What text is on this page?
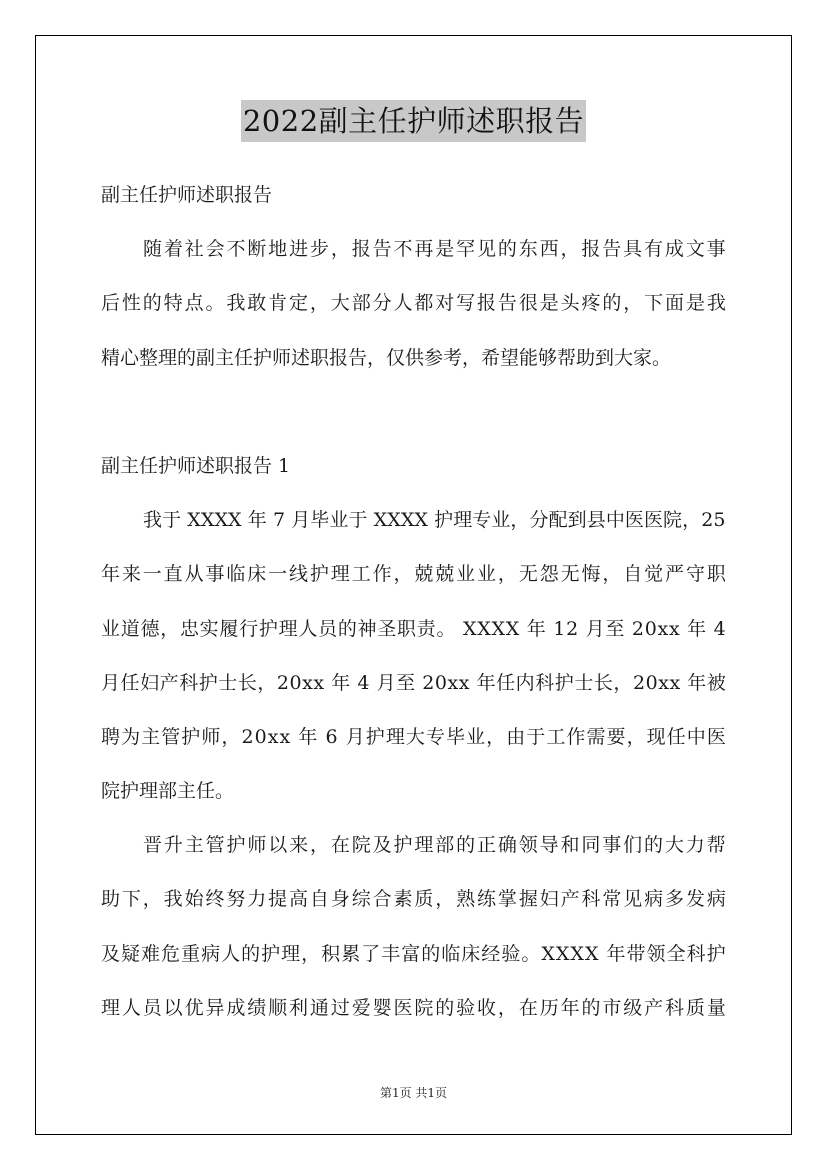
2022副主任护师述职报告
副主任护师述职报告
随 着 社 会 不 断 地 进 步 ， 报 告 不 再 是 罕 见 的 东 西 ， 报 告 具 有 成 文 事
后 性 的 特 点 。 我 敢 肯 定 ， 大 部 分 人 都 对 写 报 告 很 是 头 疼 的 ， 下 面 是 我
精心整理的副主任护师述职报告，仅供参考，希望能够帮助到大家。
副主任护师述职报告 1
我 于
X X X X
年
7
月 毕 业 于
X X X X
护 理 专 业 ， 分 配 到 县 中 医 医 院 ， 2 5
年 来 一 直 从 事 临 床 一 线 护 理 工 作 ， 兢 兢 业 业 ， 无 怨 无 悔 ， 自 觉 严 守 职
业 道 德 ， 忠 实 履 行 护 理 人 员 的 神 圣 职 责 。
X X X X
年
1 2
月 至
2 0 x x
年
4
月 任 妇 产 科 护 士 长 ， 2 0 x x
年
4
月 至
2 0 x x
年 任 内 科 护 士 长 ， 2 0 x x
年 被
聘 为 主 管 护 师 ， 2 0 x x
年
6
月 护 理 大 专 毕 业 ， 由 于 工 作 需 要 ， 现 任 中 医
院护理部主任。
晋 升 主 管 护 师 以 来 ， 在 院 及 护 理 部 的 正 确 领 导 和 同 事 们 的 大 力 帮
助 下 ， 我 始 终 努 力 提 高 自 身 综 合 素 质 ， 熟 练 掌 握 妇 产 科 常 见 病 多 发 病
及 疑 难 危 重 病 人 的 护 理 ， 积 累 了 丰 富 的 临 床 经 验 。 X X X X
年 带 领 全 科 护
理 人 员 以 优 异 成 绩 顺 利 通 过 爱 婴 医 院 的 验 收 ， 在 历 年 的 市 级 产 科 质 量
第1页 共1页
